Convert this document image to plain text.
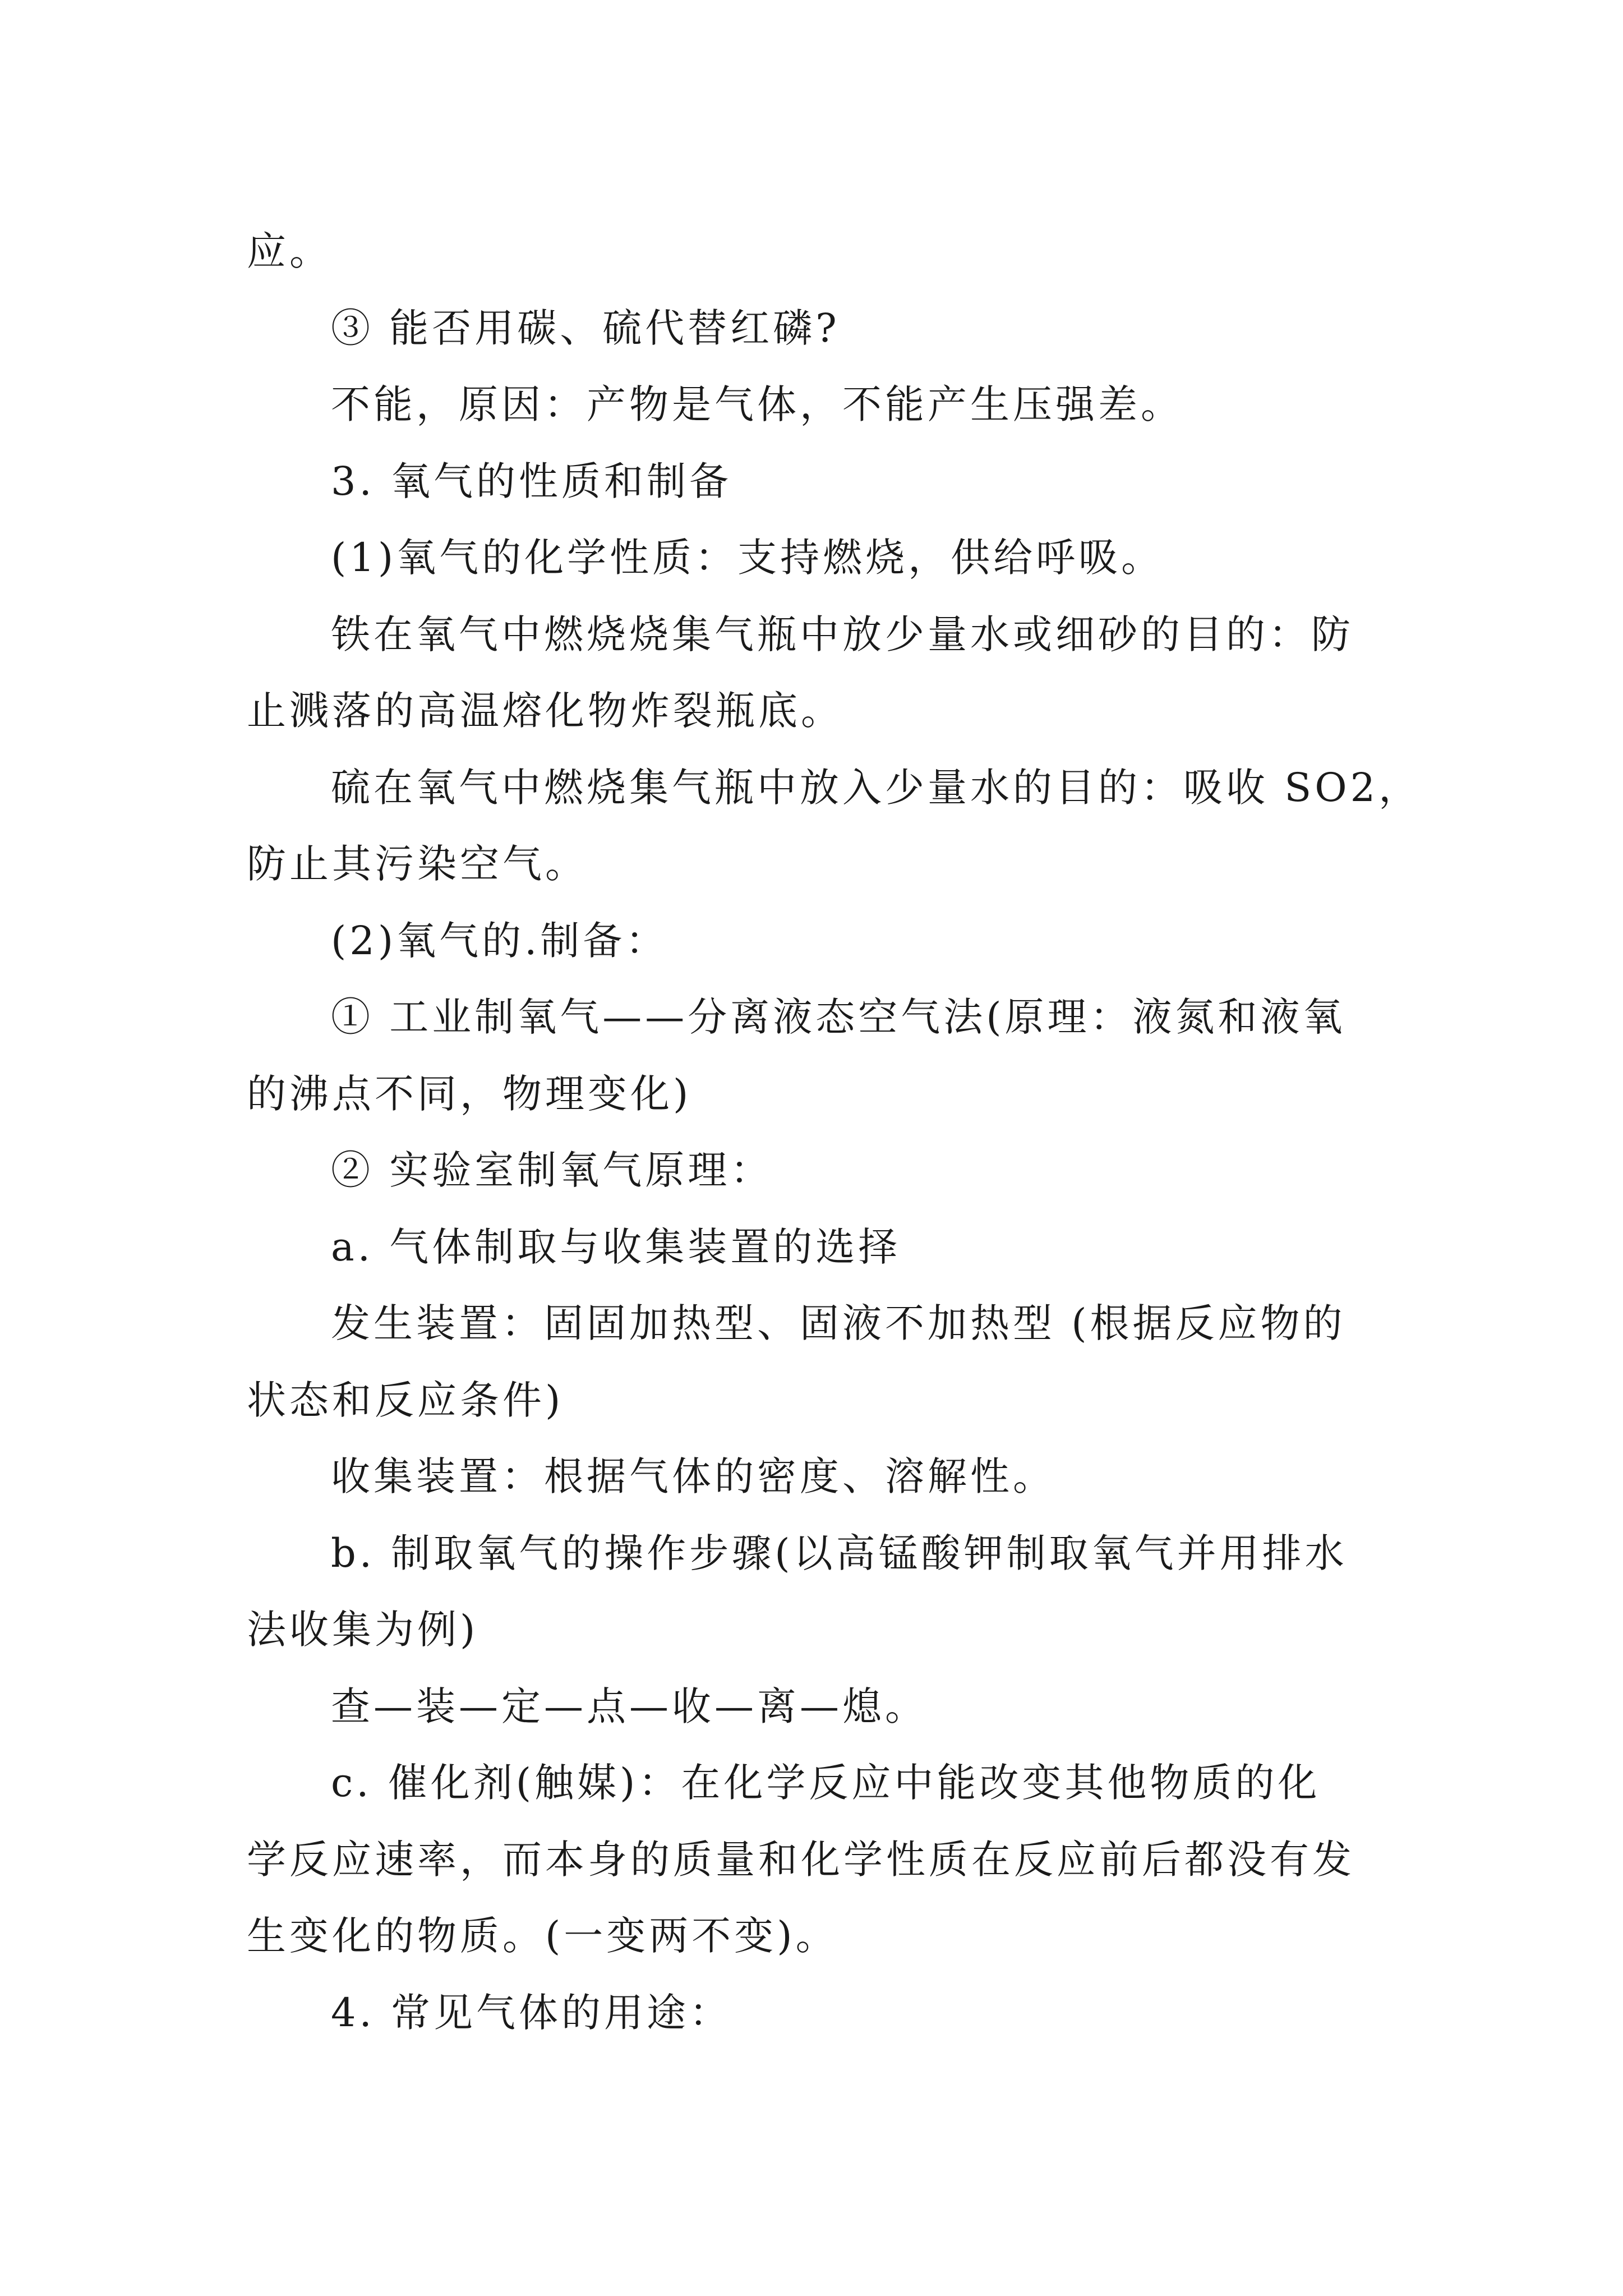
应。
③ 能否用碳、硫代替红磷?
不能，原因：产物是气体，不能产生压强差。
3. 氧气的性质和制备
(1)氧气的化学性质：支持燃烧，供给呼吸。
铁在氧气中燃烧烧集气瓶中放少量水或细砂的目的：防
止溅落的高温熔化物炸裂瓶底。
硫在氧气中燃烧集气瓶中放入少量水的目的：吸收 SO2，
防止其污染空气。
(2)氧气的.制备：
① 工业制氧气——分离液态空气法(原理：液氮和液氧
的沸点不同，物理变化)
② 实验室制氧气原理：
a. 气体制取与收集装置的选择
发生装置：固固加热型、固液不加热型 (根据反应物的
状态和反应条件)
收集装置：根据气体的密度、溶解性。
b. 制取氧气的操作步骤(以高锰酸钾制取氧气并用排水
法收集为例)
查—装—定—点—收—离—熄。
c. 催化剂(触媒)：在化学反应中能改变其他物质的化
学反应速率，而本身的质量和化学性质在反应前后都没有发
生变化的物质。(一变两不变)。
4. 常见气体的用途：
